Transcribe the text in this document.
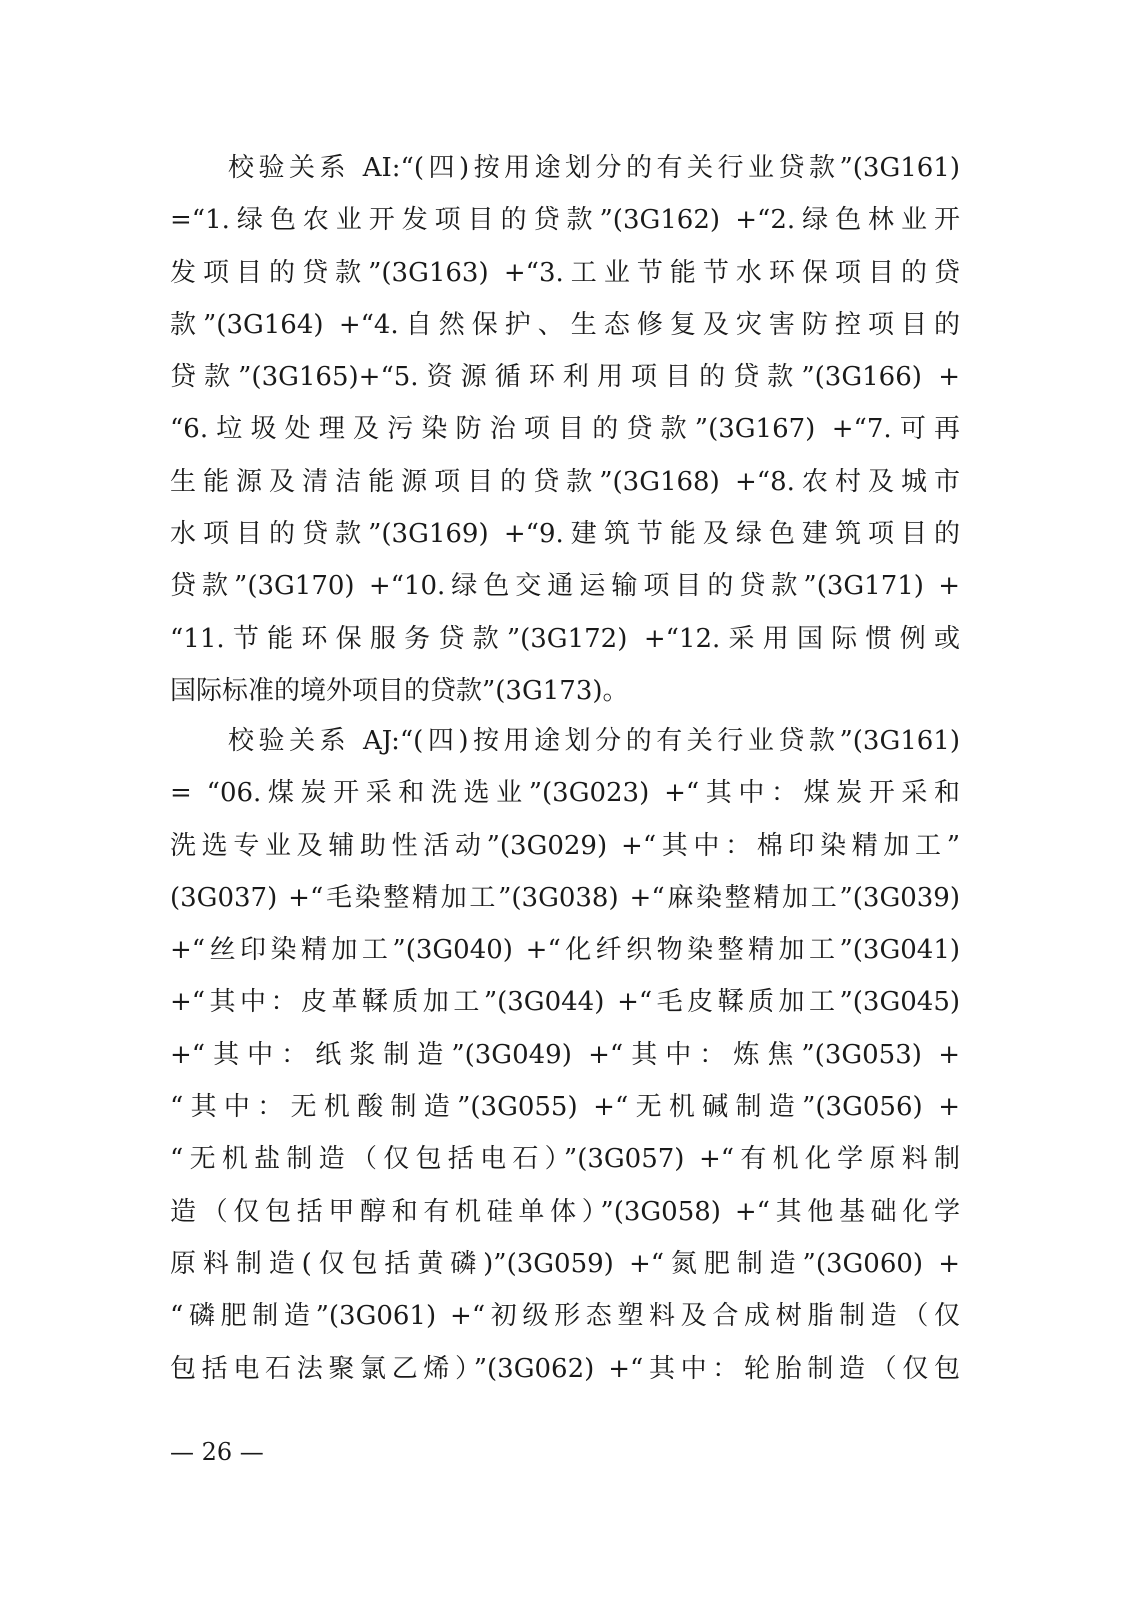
校验关系 AI:“(四)按用途划分的有关行业贷款”(3G161)
=“1.绿色农业开发项目的贷款”(3G162) +“2.绿色林业开
发项目的贷款”(3G163) +“3.工业节能节水环保项目的贷
款”(3G164) +“4.自然保护、生态修复及灾害防控项目的
贷款”(3G165)+“5.资源循环利用项目的贷款”(3G166) +
“6.垃圾处理及污染防治项目的贷款”(3G167) +“7.可再
生能源及清洁能源项目的贷款”(3G168) +“8.农村及城市
水项目的贷款”(3G169) +“9.建筑节能及绿色建筑项目的
贷款”(3G170) +“10.绿色交通运输项目的贷款”(3G171) +
“11.节能环保服务贷款”(3G172) +“12.采用国际惯例或
国际标准的境外项目的贷款”(3G173)。
校验关系 AJ:“(四)按用途划分的有关行业贷款”(3G161)
= “06.煤炭开采和洗选业”(3G023) +“其中：煤炭开采和
洗选专业及辅助性活动”(3G029) +“其中：棉印染精加工”
(3G037) +“毛染整精加工”(3G038) +“麻染整精加工”(3G039)
+“丝印染精加工”(3G040) +“化纤织物染整精加工”(3G041)
+“其中：皮革鞣质加工”(3G044) +“毛皮鞣质加工”(3G045)
+“其中：纸浆制造”(3G049) +“其中：炼焦”(3G053) +
“其中：无机酸制造”(3G055) +“无机碱制造”(3G056) +
“无机盐制造（仅包括电石）”(3G057) +“有机化学原料制
造（仅包括甲醇和有机硅单体）”(3G058) +“其他基础化学
原料制造(仅包括黄磷)”(3G059) +“氮肥制造”(3G060) +
“磷肥制造”(3G061) +“初级形态塑料及合成树脂制造（仅
包括电石法聚氯乙烯）”(3G062) +“其中：轮胎制造（仅包
— 26 —
